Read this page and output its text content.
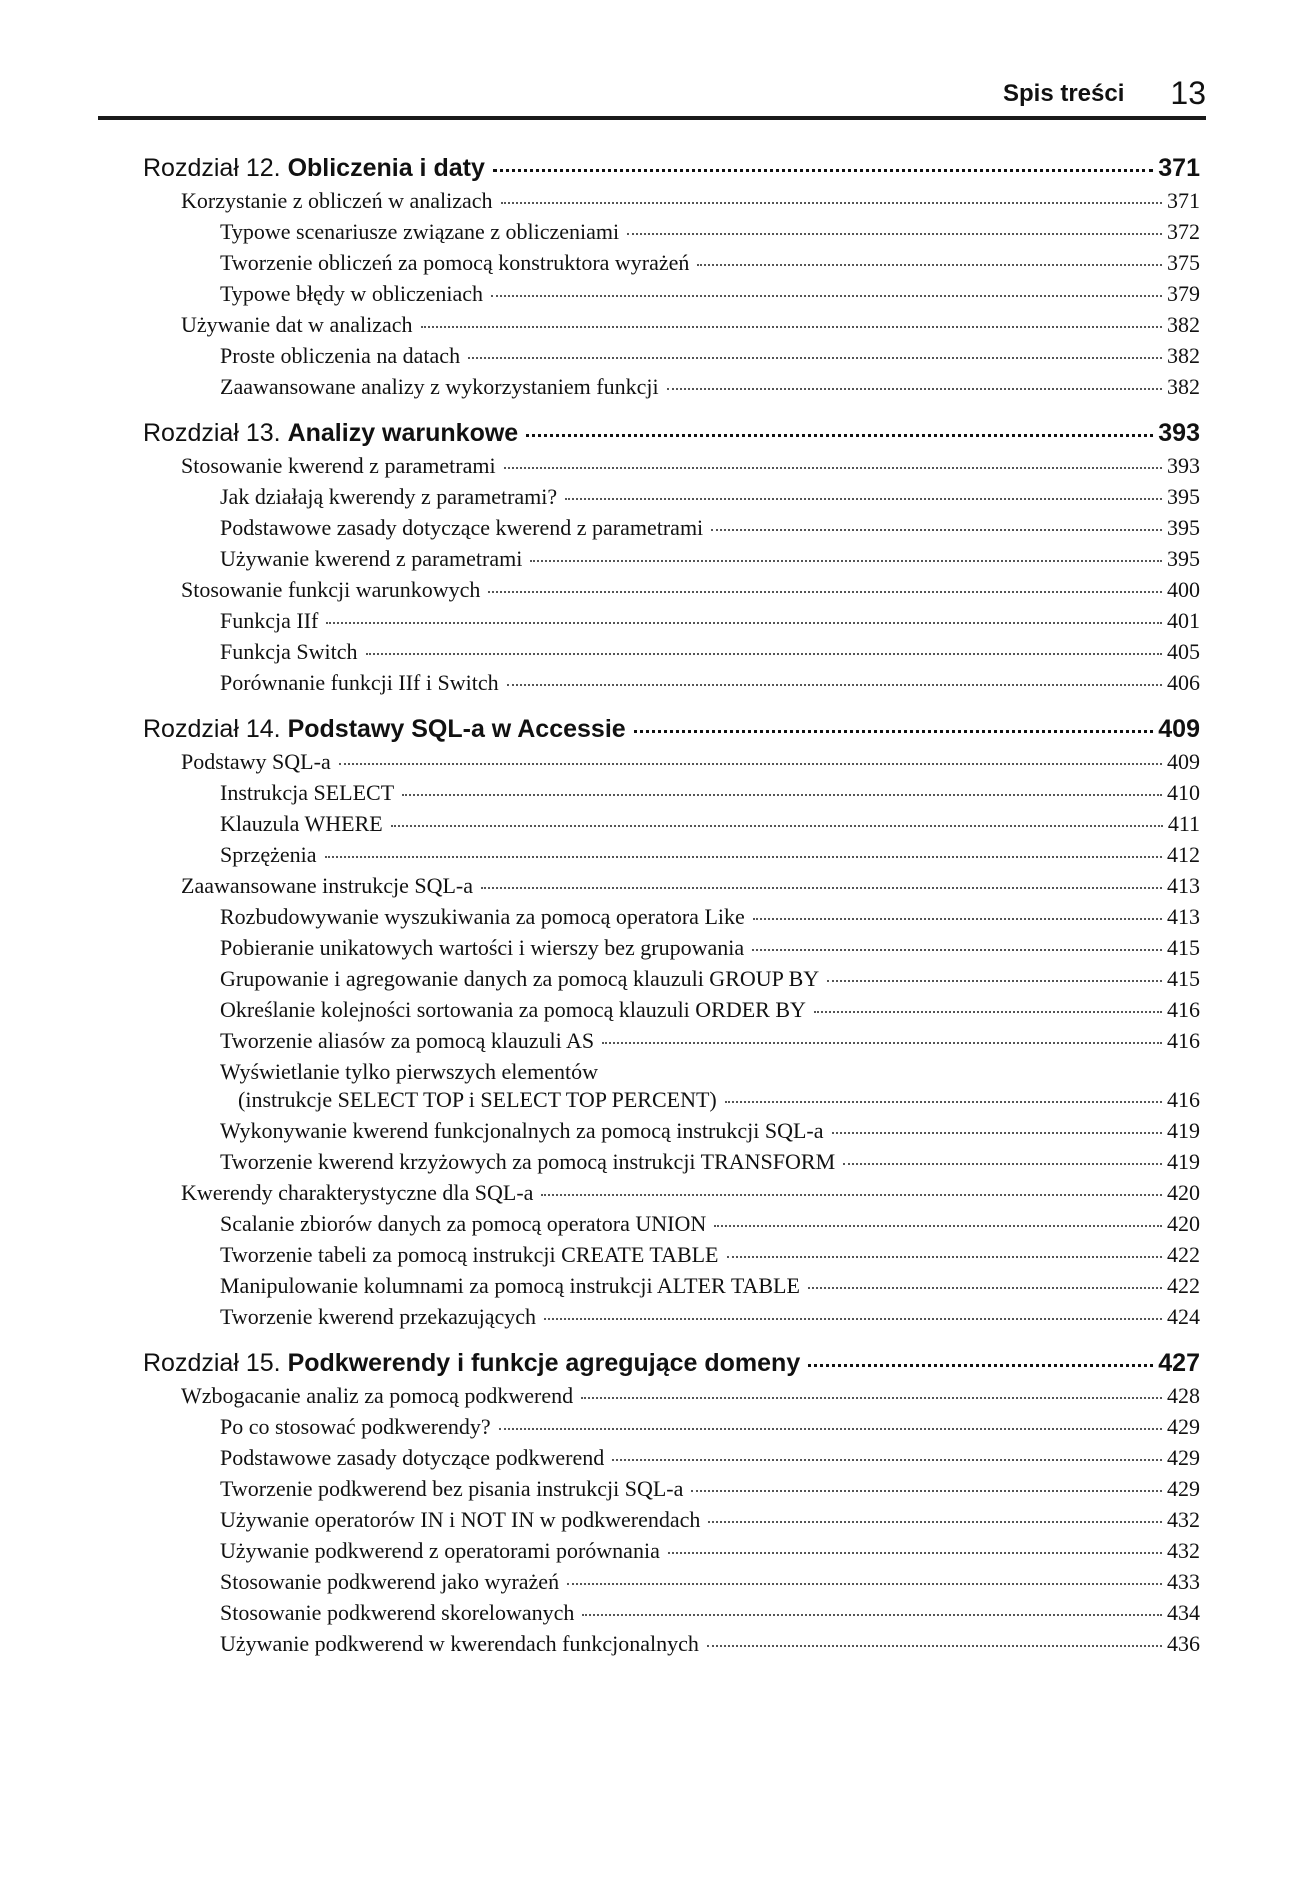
Spis treści 13
Rozdział 12. Obliczenia i daty	371
Korzystanie z obliczeń w analizach	371
Typowe scenariusze związane z obliczeniami	372
Tworzenie obliczeń za pomocą konstruktora wyrażeń	375
Typowe błędy w obliczeniach	379
Używanie dat w analizach	382
Proste obliczenia na datach	382
Zaawansowane analizy z wykorzystaniem funkcji	382
Rozdział 13. Analizy warunkowe	393
Stosowanie kwerend z parametrami	393
Jak działają kwerendy z parametrami?	395
Podstawowe zasady dotyczące kwerend z parametrami	395
Używanie kwerend z parametrami	395
Stosowanie funkcji warunkowych	400
Funkcja IIf	401
Funkcja Switch	405
Porównanie funkcji IIf i Switch	406
Rozdział 14. Podstawy SQL-a w Accessie	409
Podstawy SQL-a	409
Instrukcja SELECT	410
Klauzula WHERE	411
Sprzężenia	412
Zaawansowane instrukcje SQL-a	413
Rozbudowywanie wyszukiwania za pomocą operatora Like	413
Pobieranie unikatowych wartości i wierszy bez grupowania	415
Grupowanie i agregowanie danych za pomocą klauzuli GROUP BY	415
Określanie kolejności sortowania za pomocą klauzuli ORDER BY	416
Tworzenie aliasów za pomocą klauzuli AS	416
Wyświetlanie tylko pierwszych elementów
(instrukcje SELECT TOP i SELECT TOP PERCENT)	416
Wykonywanie kwerend funkcjonalnych za pomocą instrukcji SQL-a	419
Tworzenie kwerend krzyżowych za pomocą instrukcji TRANSFORM	419
Kwerendy charakterystyczne dla SQL-a	420
Scalanie zbiorów danych za pomocą operatora UNION	420
Tworzenie tabeli za pomocą instrukcji CREATE TABLE	422
Manipulowanie kolumnami za pomocą instrukcji ALTER TABLE	422
Tworzenie kwerend przekazujących	424
Rozdział 15. Podkwerendy i funkcje agregujące domeny	427
Wzbogacanie analiz za pomocą podkwerend	428
Po co stosować podkwerendy?	429
Podstawowe zasady dotyczące podkwerend	429
Tworzenie podkwerend bez pisania instrukcji SQL-a	429
Używanie operatorów IN i NOT IN w podkwerendach	432
Używanie podkwerend z operatorami porównania	432
Stosowanie podkwerend jako wyrażeń	433
Stosowanie podkwerend skorelowanych	434
Używanie podkwerend w kwerendach funkcjonalnych	436
